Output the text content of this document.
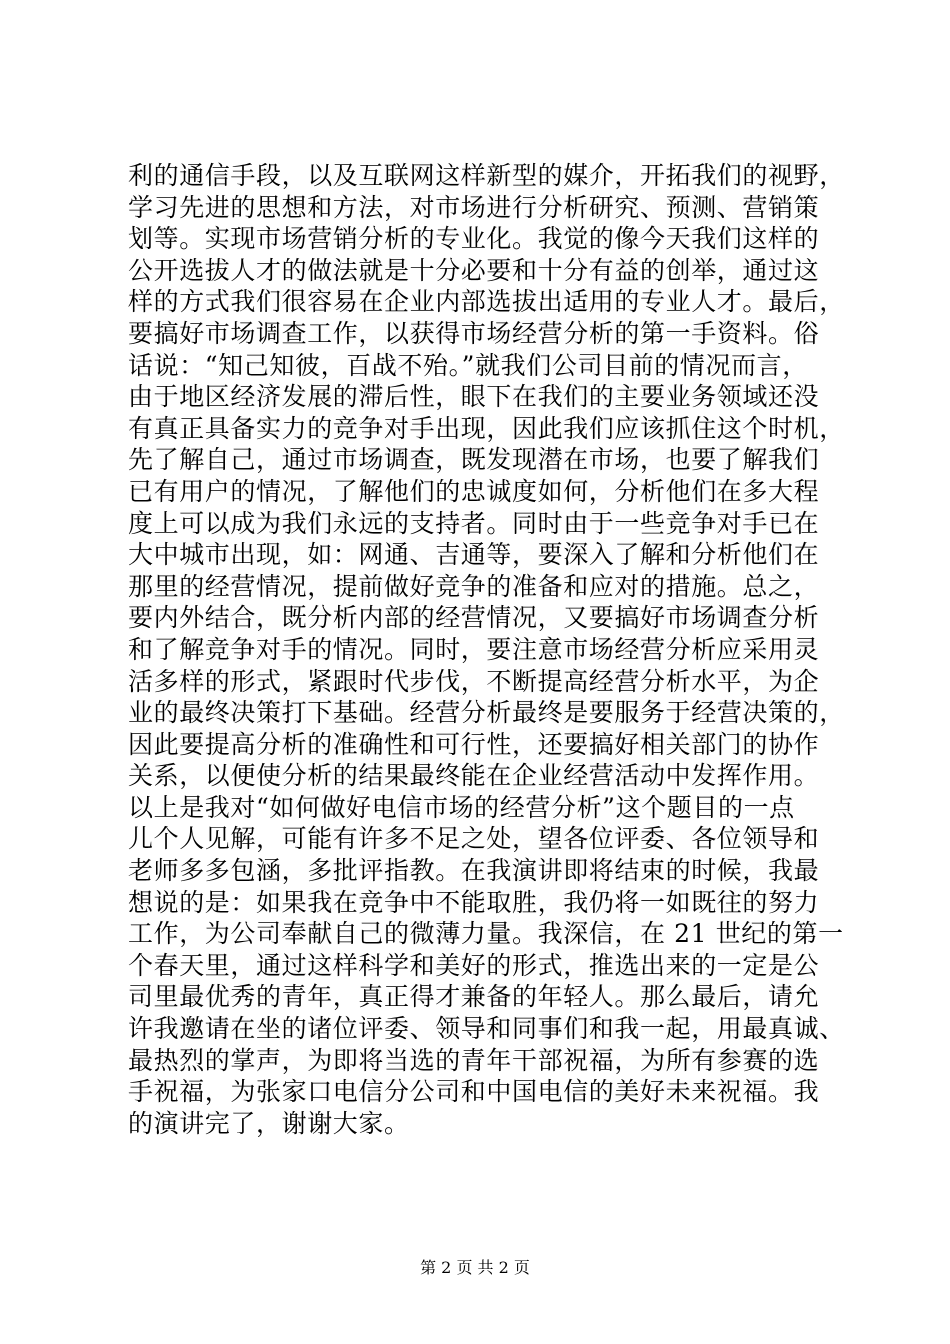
利的通信手段，以及互联网这样新型的媒介，开拓我们的视野，
学习先进的思想和方法，对市场进行分析研究、预测、营销策
划等。实现市场营销分析的专业化。我觉的像今天我们这样的
公开选拔人才的做法就是十分必要和十分有益的创举，通过这
样的方式我们很容易在企业内部选拔出适用的专业人才。最后，
要搞好市场调查工作，以获得市场经营分析的第一手资料。俗
话说：“知己知彼，百战不殆。”就我们公司目前的情况而言，
由于地区经济发展的滞后性，眼下在我们的主要业务领域还没
有真正具备实力的竞争对手出现，因此我们应该抓住这个时机，
先了解自己，通过市场调查，既发现潜在市场，也要了解我们
已有用户的情况，了解他们的忠诚度如何，分析他们在多大程
度上可以成为我们永远的支持者。同时由于一些竞争对手已在
大中城市出现，如：网通、吉通等，要深入了解和分析他们在
那里的经营情况，提前做好竞争的准备和应对的措施。总之，
要内外结合，既分析内部的经营情况，又要搞好市场调查分析
和了解竞争对手的情况。同时，要注意市场经营分析应采用灵
活多样的形式，紧跟时代步伐，不断提高经营分析水平，为企
业的最终决策打下基础。经营分析最终是要服务于经营决策的，
因此要提高分析的准确性和可行性，还要搞好相关部门的协作
关系，以便使分析的结果最终能在企业经营活动中发挥作用。
以上是我对“如何做好电信市场的经营分析”这个题目的一点
儿个人见解，可能有许多不足之处，望各位评委、各位领导和
老师多多包涵，多批评指教。在我演讲即将结束的时候，我最
想说的是：如果我在竞争中不能取胜，我仍将一如既往的努力
工作，为公司奉献自己的微薄力量。我深信，在 21 世纪的第一
个春天里，通过这样科学和美好的形式，推选出来的一定是公
司里最优秀的青年，真正得才兼备的年轻人。那么最后，请允
许我邀请在坐的诸位评委、领导和同事们和我一起，用最真诚、
最热烈的掌声，为即将当选的青年干部祝福，为所有参赛的选
手祝福，为张家口电信分公司和中国电信的美好未来祝福。我
的演讲完了，谢谢大家。

第 2 页 共 2 页
